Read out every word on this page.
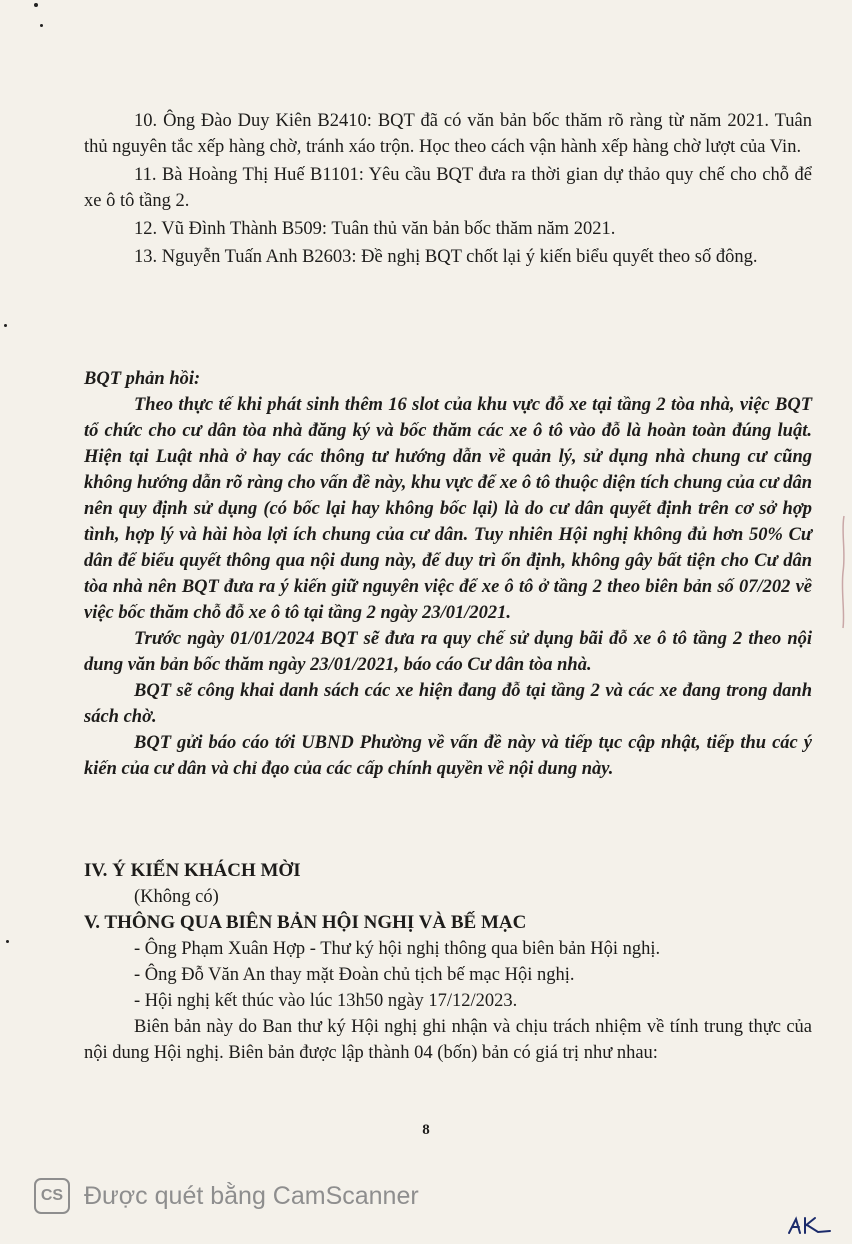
10. Ông Đào Duy Kiên B2410: BQT đã có văn bản bốc thăm rõ ràng từ năm 2021. Tuân thủ nguyên tắc xếp hàng chờ, tránh xáo trộn. Học theo cách vận hành xếp hàng chờ lượt của Vin.

11. Bà Hoàng Thị Huế B1101: Yêu cầu BQT đưa ra thời gian dự thảo quy chế cho chỗ để xe ô tô tầng 2.

12. Vũ Đình Thành B509: Tuân thủ văn bản bốc thăm năm 2021.

13. Nguyễn Tuấn Anh B2603: Đề nghị BQT chốt lại ý kiến biểu quyết theo số đông.

BQT phản hồi:

Theo thực tế khi phát sinh thêm 16 slot của khu vực đỗ xe tại tầng 2 tòa nhà, việc BQT tổ chức cho cư dân tòa nhà đăng ký và bốc thăm các xe ô tô vào đỗ là hoàn toàn đúng luật. Hiện tại Luật nhà ở hay các thông tư hướng dẫn về quản lý, sử dụng nhà chung cư cũng không hướng dẫn rõ ràng cho vấn đề này, khu vực để xe ô tô thuộc diện tích chung của cư dân nên quy định sử dụng (có bốc lại hay không bốc lại) là do cư dân quyết định trên cơ sở hợp tình, hợp lý và hài hòa lợi ích chung của cư dân. Tuy nhiên Hội nghị không đủ hơn 50% Cư dân để biểu quyết thông qua nội dung này, để duy trì ổn định, không gây bất tiện cho Cư dân tòa nhà nên BQT đưa ra ý kiến giữ nguyên việc để xe ô tô ở tầng 2 theo biên bản số 07/202 về việc bốc thăm chỗ đỗ xe ô tô tại tầng 2 ngày 23/01/2021.

Trước ngày 01/01/2024 BQT sẽ đưa ra quy chế sử dụng bãi đỗ xe ô tô tầng 2 theo nội dung văn bản bốc thăm ngày 23/01/2021, báo cáo Cư dân tòa nhà.

BQT sẽ công khai danh sách các xe hiện đang đỗ tại tầng 2 và các xe đang trong danh sách chờ.

BQT gửi báo cáo tới UBND Phường về vấn đề này và tiếp tục cập nhật, tiếp thu các ý kiến của cư dân và chỉ đạo của các cấp chính quyền về nội dung này.

IV. Ý KIẾN KHÁCH MỜI

(Không có)

V. THÔNG QUA BIÊN BẢN HỘI NGHỊ VÀ BẾ MẠC

- Ông Phạm Xuân Hợp - Thư ký hội nghị thông qua biên bản Hội nghị.

- Ông Đỗ Văn An thay mặt Đoàn chủ tịch bế mạc Hội nghị.

- Hội nghị kết thúc vào lúc 13h50 ngày 17/12/2023.

Biên bản này do Ban thư ký Hội nghị ghi nhận và chịu trách nhiệm về tính trung thực của nội dung Hội nghị. Biên bản được lập thành 04 (bốn) bản có giá trị như nhau:

8
CS Được quét bằng CamScanner
